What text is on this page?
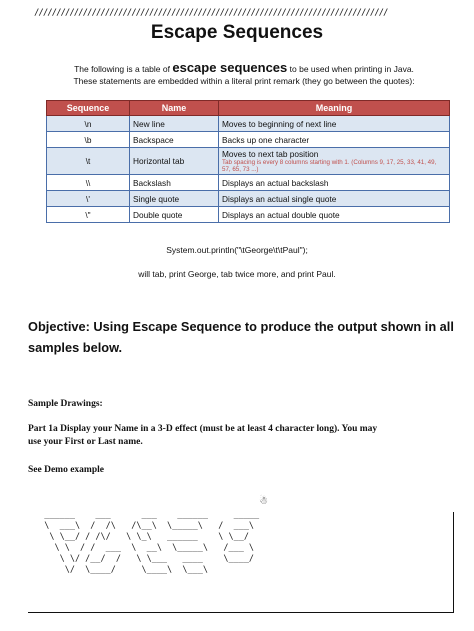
////////////////////////////////////////////////////////////////////////////////
Escape Sequences
The following is a table of escape sequences to be used when printing in Java.
These statements are embedded within a literal print remark (they go between the quotes):
Sequence	Name	Meaning
\n	New line	Moves to beginning of next line
\b	Backspace	Backs up one character
\t	Horizontal tab	Moves to next tab position
Tab spacing is every 8 columns starting with 1. (Columns 9, 17, 25, 33, 41, 49, 57, 65, 73 ...)

\\	Backslash	Displays an actual backslash
\'	Single quote	Displays an actual single quote
\"	Double quote	Displays an actual double quote
System.out.println("\tGeorge\t\tPaul");
will tab, print George, tab twice more, and print Paul.
Objective: Using Escape Sequence to produce the output shown in all samples below.
Sample Drawings:
Part 1a Display your Name in a 3-D effect (must be at least 4 character long). You may use your First or Last name.
See Demo example
☃
______    ___      ___    ______     _____
\  ___\  /  /\   /\__\  \_____\   /  ___\
\ \__/ / /\/   \ \_\   ______    \ \__/
\ \  / /  ___  \  __\  \_____\   /___ \
\ \/ /__/  /   \ \___   ____    \____/
\/  \____/     \____\  \___\
